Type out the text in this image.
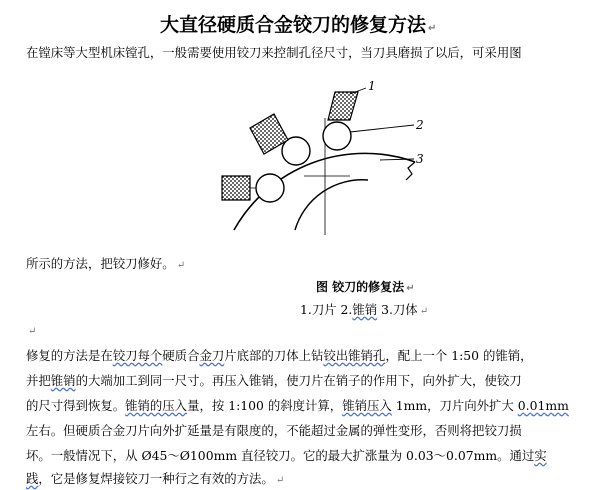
大直径硬质合金铰刀的修复方法 ↵
在镗床等大型机床镗孔，一般需要使用铰刀来控制孔径尺寸，当刀具磨损了以后，可采用图
1
2
3
所示的方法，把铰刀修好。 ↵
图 铰刀的修复法 ↵
1.刀片 2.锥销 3.刀体 ↵
↵
修复的方法是在铰刀每个硬质合金刀片底部的刀体上钻铰出锥销孔，配上一个 1:50 的锥销，
并把锥销的大端加工到同一尺寸。再压入锥销，使刀片在销子的作用下，向外扩大，使铰刀
的尺寸得到恢复。锥销的压入量，按 1:100 的斜度计算，锥销压入 1mm，刀片向外扩大 0.01mm
左右。但硬质合金刀片向外扩延量是有限度的，不能超过金属的弹性变形，否则将把铰刀损
坏。一般情况下，从 Ø45～Ø100mm 直径铰刀。它的最大扩涨量为 0.03～0.07mm。通过实
践，它是修复焊接铰刀一种行之有效的方法。 ↵
